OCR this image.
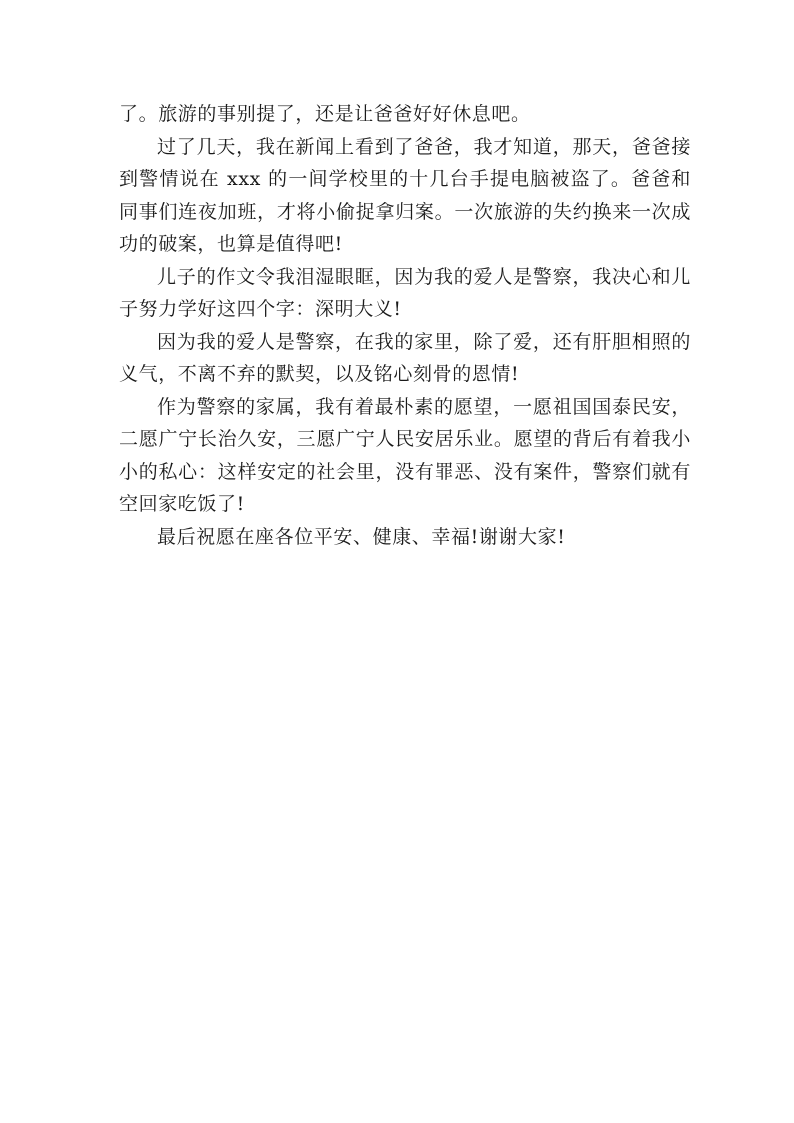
了。旅游的事别提了，还是让爸爸好好休息吧。

过了几天，我在新闻上看到了爸爸，我才知道，那天，爸爸接到警情说在 xxx 的一间学校里的十几台手提电脑被盗了。爸爸和同事们连夜加班，才将小偷捉拿归案。一次旅游的失约换来一次成功的破案，也算是值得吧!

儿子的作文令我泪湿眼眶，因为我的爱人是警察，我决心和儿子努力学好这四个字：深明大义!

因为我的爱人是警察，在我的家里，除了爱，还有肝胆相照的义气，不离不弃的默契，以及铭心刻骨的恩情!

作为警察的家属，我有着最朴素的愿望，一愿祖国国泰民安，二愿广宁长治久安，三愿广宁人民安居乐业。愿望的背后有着我小小的私心：这样安定的社会里，没有罪恶、没有案件，警察们就有空回家吃饭了!

最后祝愿在座各位平安、健康、幸福!谢谢大家!
